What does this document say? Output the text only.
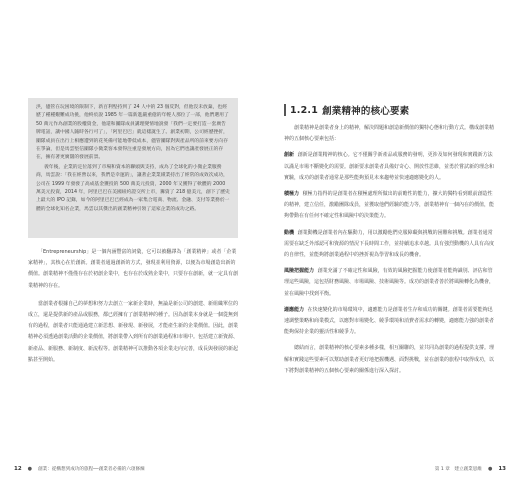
洪，儘管在玩困境的限制下，新百利堅持到了 24 人中的 23 個反對，但他沒未放棄，也經歷了種種艱難成功挑，他終於說 1985 年一篇新進嚴重億的年輕人那位了一部，他們選用了 50 萬元作為創業的股權資金，他還和團隊成員講理變情地說發「我們一定要打造一套廣告牌電話，讓中國人隨時各行可了」，「阿里巴巴」就這樣誕生了。創業初期，公司經歷挫折，團隊成員在出行上相應遭到的花英備可能地帶低成本，儘管團隊對與產品所的前來要方向存在爭論，但是馬雲堅信團隊小微業客本發得注重是發展方向，因為它們也讓產發展正的存在，擁有著更廣闊的發展前景。

義年後，企業的定位落到了市場和資本的聯頭與支持，成為了全球化的小微企業服務商，馬雲說：「我在經營以來，我們是幸運的」，讓著企業業績業持出了經常的成效次成功，公司在 1999 年發發了高成基金獲投的 500 萬美元投資，2000 年又獲得了軟體的 2000 萬美元投資，2014 年，阿里巴巴在美國紐約證交所上市，籌資了 218 億美元，創下了歷史上最大的 IPO 記錄，如今的阿里巴巴已經成為一家集合電商、物流、金融、支付等業務於一體的全球化知名企業，馬雲以其傑出的創業精神引領了這家企業的成功之路。

「Entrepreneurship」是一個內涵豐富的詞彙，它可以被翻譯為「創業精神」或者「企業家精神」，其核心在於創新。創業者通過創新的方式，發現並利用資源，以便為市場創造出新的價值。創業精神不僅僅存在於初創企業中，也存在於成熟企業中，只要存在創新，就一定具有創業精神的存在。

當創業者根據自己的夢想和努力去創立一家新企業時，無論是新公司的創建、新組織單位的成立，還是提供新的產品或服務，都已經擁有了創業精神的種子。因為創業本身就是一個從無到有的過程，創業者只能通過建立新思想、新發現、新發展，才能產生新的企業價值。因此，創業精神必須透過創業活動的企業價值，將創業帶入到所有的創業過程和市場中。包括建立新資源、新產品、新服務、新制度、新流程等。創業精神可以推動各項企業走向完善，成長與發展的新起點甚至開始。

12 ● 創業：從構想到成功的旅程──創業者必備的六項修煉
1.2.1 創業精神的核心要素

創業精神是創業者身上的精神，解決問題和創造新價值的獨特心態和行動方式。構成創業精神的五個核心要素包括：

創新 創新是創業精神的核心。它不僅關乎新產品或服務的發明，更涉及如何發現和實踐新方法以滿足市場不斷變化的需要。創新要求創業者具備好奇心、開放性思維，並勇於嘗試新的理念和實驗，成功的創業者通常是那些能夠預見未來趨勢並快速適應變化的人。

積極力 積極力指得的是創業者在積極處理所做出的前瞻性的能力，擴大的獨特看到眼前創造性的精神，建立信任，激勵團隊成員，並獲取他們經驗的能力等，創業精神有一個內在的價值，能夠帶動在有任何不確定性和風險中的決策能力。

動機 創業動機是創業者內在驅動力，用以激勵他們克服障礙與挑戰的困難和挑戰。創業者通常需要在缺乏外部認可和資源的情況下長時間工作，並持續追求卓越。具有強烈動機的人具有高度的自律性，並能夠將創業過程中的挫折視為學習和成長的機會。

風險把握能力 創業充滿了不確定性和風險，有效的風險把握能力使創業者能夠識別、評估和管理這些風險，這包括財務風險、市場風險、技術風險等。成功的創業者善於將風險轉化為機會，並在風險中找到平衡。

適應能力 在快速變化的市場環境中，適應能力是創業者生存和成功的關鍵。創業者需要能夠迅速調整策略和商業模式，以應對市場變化、競爭環境和消費者需求的轉變，適應能力強的創業者能夠保持企業的靈活性和競爭力。

總結而言，創業精神的核心要素多種多樣，相互關聯的，並共同為創業的過程提供支撐。理解和實踐這些要素可以幫助創業者更好地把握機遇、面對挑戰，並在創業的旅程中取得成功，以下將對創業精神的五個核心要素的關係進行深入探討。

第 1 章　建立創業思維 ● 13
